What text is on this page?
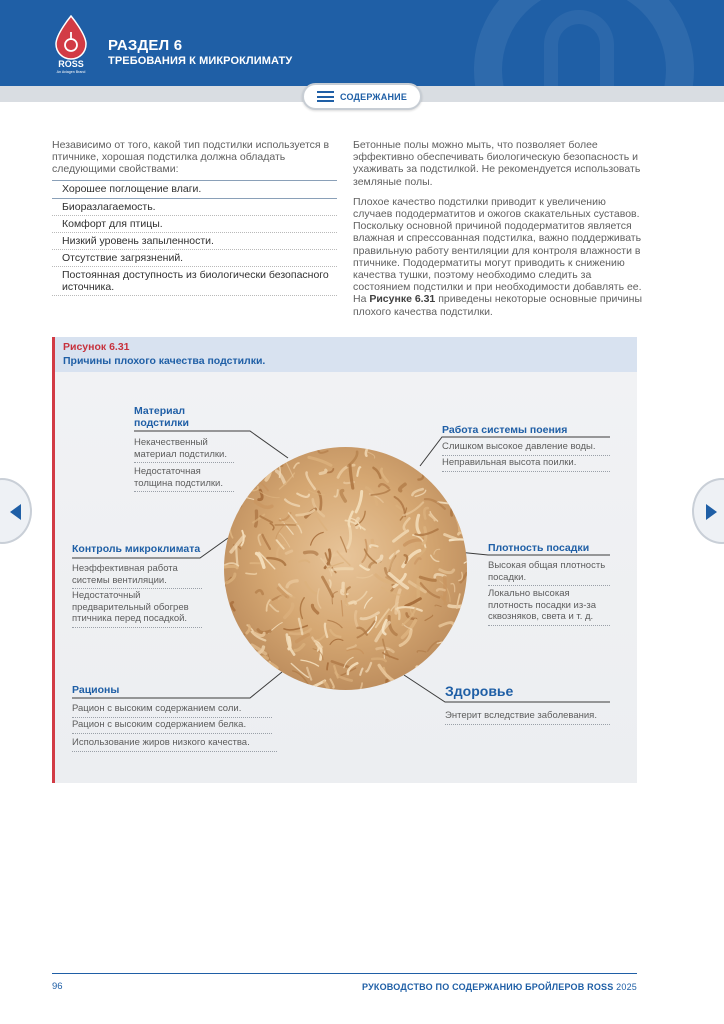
ROSS
An Aviagen Brand
РАЗДЕЛ 6
ТРЕБОВАНИЯ К МИКРОКЛИМАТУ
СОДЕРЖАНИЕ

Независимо от того, какой тип подстилки используется в птичнике, хорошая подстилка должна обладать следующими свойствами:

Хорошее поглощение влаги.
Биоразлагаемость.
Комфорт для птицы.
Низкий уровень запыленности.
Отсутствие загрязнений.
Постоянная доступность из биологически безопасного источника.

Бетонные полы можно мыть, что позволяет более эффективно обеспечивать биологическую безопасность и ухаживать за подстилкой. Не рекомендуется использовать земляные полы.

Плохое качество подстилки приводит к увеличению случаев пододерматитов и ожогов скакательных суставов. Поскольку основной причиной пододерматитов является влажная и спрессованная подстилка, важно поддерживать правильную работу вентиляции для контроля влажности в птичнике. Пододерматиты могут приводить к снижению качества тушки, поэтому необходимо следить за состоянием подстилки и при необходимости добавлять ее. На Рисунке 6.31 приведены некоторые основные причины плохого качества подстилки.

Рисунок 6.31
Причины плохого качества подстилки.
Материал
подстилки
Некачественный материал подстилки.
Недостаточная толщина подстилки.
Контроль микроклимата
Неэффективная работа системы вентиляции.
Недостаточный предварительный обогрев птичника перед посадкой.
Рационы
Рацион с высоким содержанием соли.
Рацион с высоким содержанием белка.
Использование жиров низкого качества.
Работа системы поения
Слишком высокое давление воды.
Неправильная высота поилки.
Плотность посадки
Высокая общая плотность посадки.
Локально высокая плотность посадки из-за сквозняков, света и т. д.
Здоровье
Энтерит вследствие заболевания.
96	РУКОВОДСТВО ПО СОДЕРЖАНИЮ БРОЙЛЕРОВ ROSS 2025
